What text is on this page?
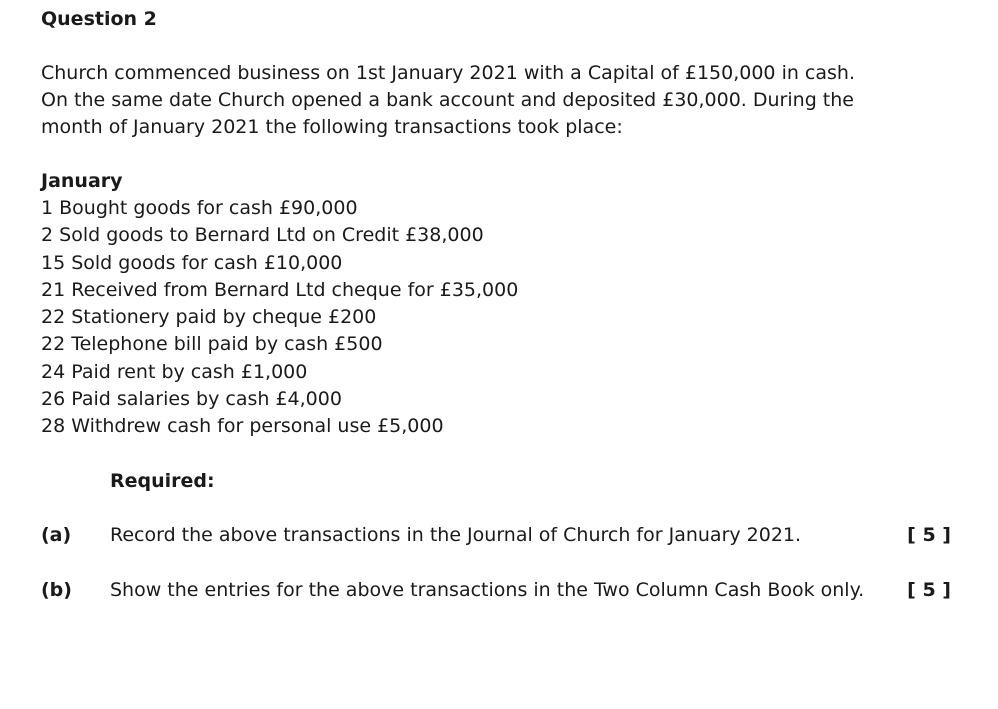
Question 2
Church commenced business on 1st January 2021 with a Capital of £150,000 in cash.
On the same date Church opened a bank account and deposited £30,000. During the
month of January 2021 the following transactions took place:
January
1 Bought goods for cash £90,000
2 Sold goods to Bernard Ltd on Credit £38,000
15 Sold goods for cash £10,000
21 Received from Bernard Ltd cheque for £35,000
22 Stationery paid by cheque £200
22 Telephone bill paid by cash £500
24 Paid rent by cash £1,000
26 Paid salaries by cash £4,000
28 Withdrew cash for personal use £5,000
Required:
(a) Record the above transactions in the Journal of Church for January 2021.	[ 5 ]
(b) Show the entries for the above transactions in the Two Column Cash Book only.	[ 5 ]
